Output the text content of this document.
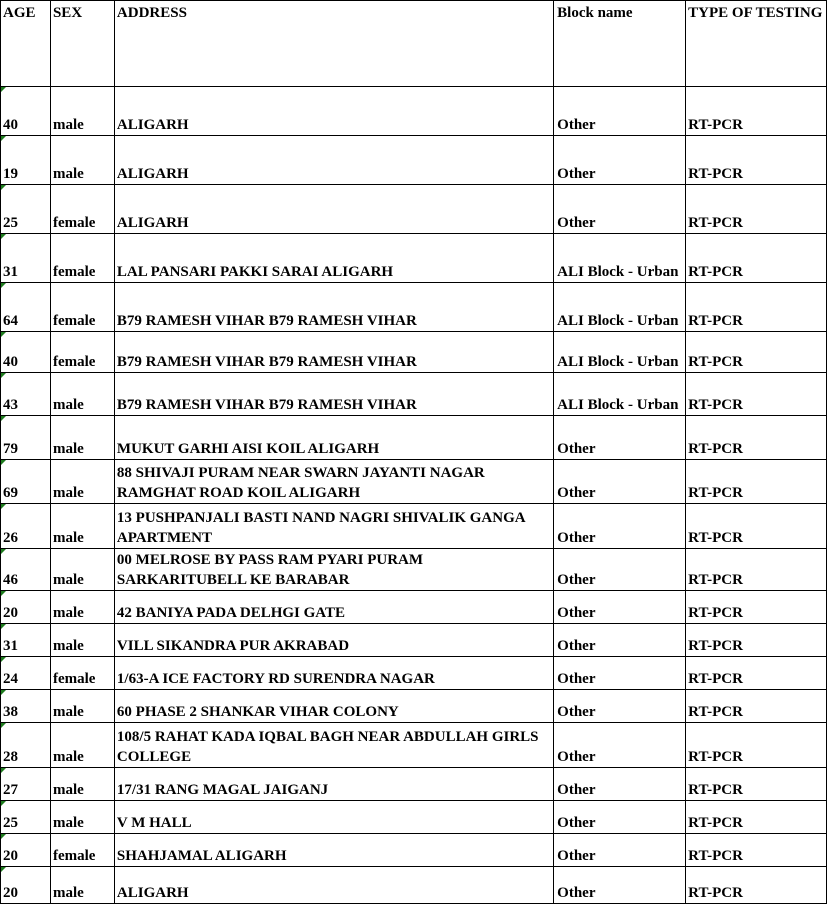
AGE	SEX	ADDRESS	Block name	TYPE OF TESTING
40	male	ALIGARH	Other	RT-PCR
19	male	ALIGARH	Other	RT-PCR
25	female	ALIGARH	Other	RT-PCR
31	female	LAL PANSARI PAKKI SARAI ALIGARH	ALI Block - Urban	RT-PCR
64	female	B79 RAMESH VIHAR B79 RAMESH VIHAR	ALI Block - Urban	RT-PCR
40	female	B79 RAMESH VIHAR B79 RAMESH VIHAR	ALI Block - Urban	RT-PCR
43	male	B79 RAMESH VIHAR B79 RAMESH VIHAR	ALI Block - Urban	RT-PCR
79	male	MUKUT GARHI AISI KOIL ALIGARH	Other	RT-PCR
69	male	88 SHIVAJI PURAM NEAR SWARN JAYANTI NAGAR RAMGHAT ROAD KOIL ALIGARH	Other	RT-PCR
26	male	13 PUSHPANJALI BASTI NAND NAGRI SHIVALIK GANGA APARTMENT	Other	RT-PCR
46	male	00 MELROSE BY PASS RAM PYARI PURAM SARKARITUBELL KE BARABAR	Other	RT-PCR
20	male	42 BANIYA PADA DELHGI GATE	Other	RT-PCR
31	male	VILL SIKANDRA PUR AKRABAD	Other	RT-PCR
24	female	1/63-A ICE FACTORY RD SURENDRA NAGAR	Other	RT-PCR
38	male	60 PHASE 2 SHANKAR VIHAR COLONY	Other	RT-PCR
28	male	108/5 RAHAT KADA IQBAL BAGH NEAR ABDULLAH GIRLS COLLEGE	Other	RT-PCR
27	male	17/31 RANG MAGAL JAIGANJ	Other	RT-PCR
25	male	V M HALL	Other	RT-PCR
20	female	SHAHJAMAL ALIGARH	Other	RT-PCR
20	male	ALIGARH	Other	RT-PCR
